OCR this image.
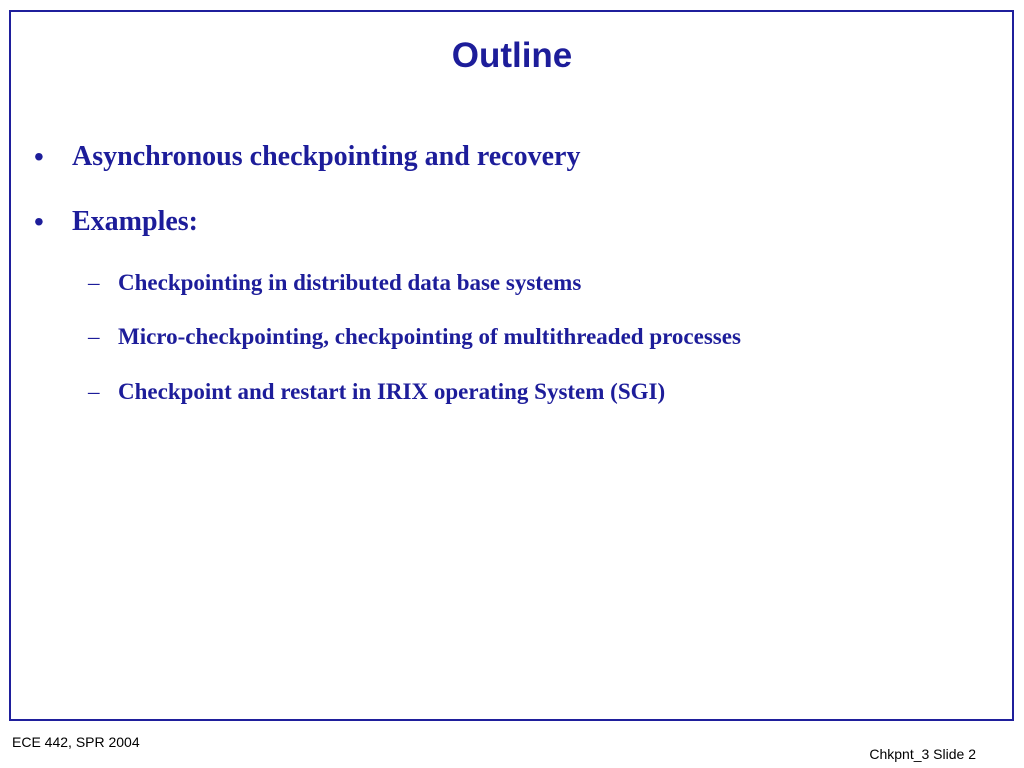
Outline
• Asynchronous checkpointing and recovery
• Examples:
– Checkpointing in distributed data base systems
– Micro-checkpointing, checkpointing of multithreaded processes
– Checkpoint and restart in IRIX operating System (SGI)
ECE 442, SPR 2004
Chkpnt_3 Slide 2
